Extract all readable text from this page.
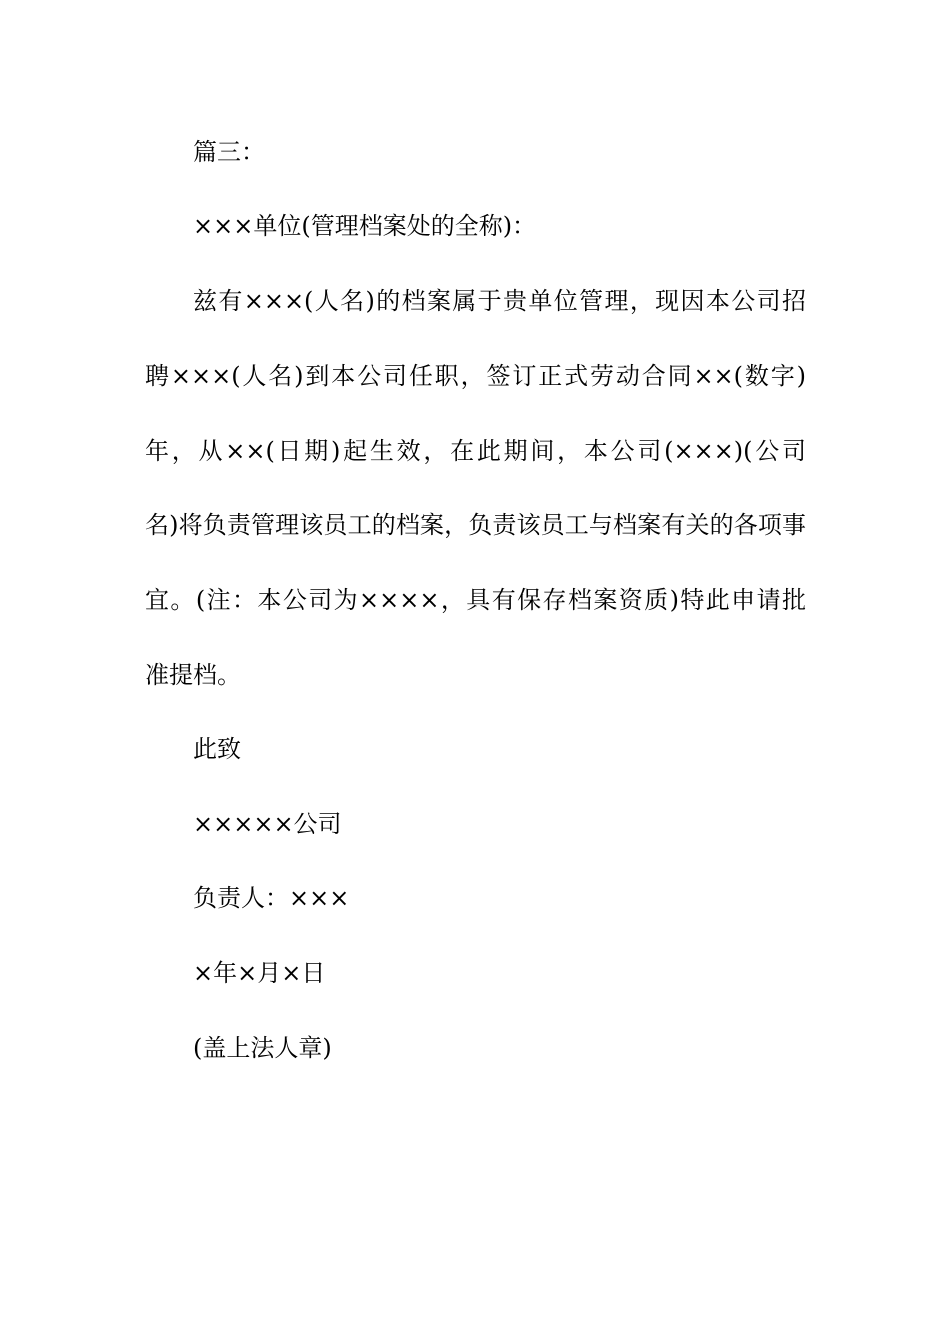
篇三：
×××单位(管理档案处的全称)：
兹有×××(人名)的档案属于贵单位管理，现因本公司招
聘×××(人名)到本公司任职，签订正式劳动合同××(数字)
年，从××(日期)起生效，在此期间，本公司(×××)(公司
名)将负责管理该员工的档案，负责该员工与档案有关的各项事
宜。(注：本公司为××××，具有保存档案资质)特此申请批
准提档。
此致
×××××公司
负责人：×××
×年×月×日
(盖上法人章)
